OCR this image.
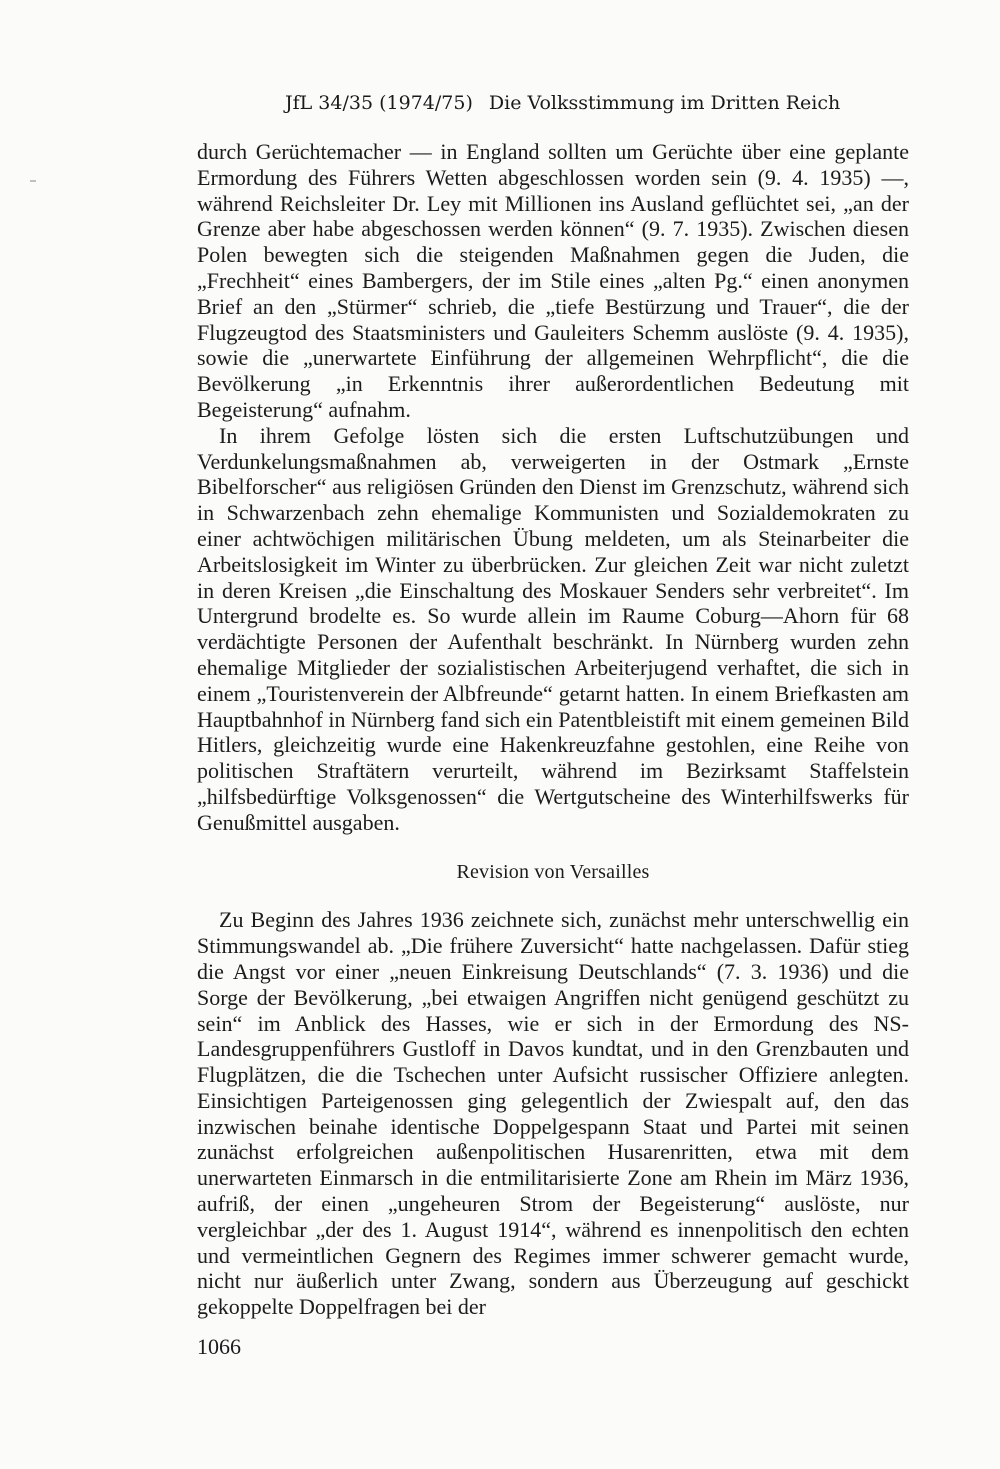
JfL 34/35 (1974/75) Die Volksstimmung im Dritten Reich

durch Gerüchtemacher — in England sollten um Gerüchte über eine geplante Ermordung des Führers Wetten abgeschlossen worden sein (9. 4. 1935) —, während Reichsleiter Dr. Ley mit Millionen ins Ausland geflüchtet sei, „an der Grenze aber habe abgeschossen werden können“ (9. 7. 1935). Zwischen diesen Polen bewegten sich die steigenden Maßnahmen gegen die Juden, die „Frechheit“ eines Bambergers, der im Stile eines „alten Pg.“ einen anonymen Brief an den „Stürmer“ schrieb, die „tiefe Bestürzung und Trauer“, die der Flugzeugtod des Staatsministers und Gauleiters Schemm auslöste (9. 4. 1935), sowie die „unerwartete Einführung der allgemeinen Wehrpflicht“, die die Bevölkerung „in Erkenntnis ihrer außerordentlichen Bedeutung mit Begeisterung“ aufnahm.

In ihrem Gefolge lösten sich die ersten Luftschutzübungen und Verdunkelungsmaßnahmen ab, verweigerten in der Ostmark „Ernste Bibelforscher“ aus religiösen Gründen den Dienst im Grenzschutz, während sich in Schwarzenbach zehn ehemalige Kommunisten und Sozialdemokraten zu einer achtwöchigen militärischen Übung meldeten, um als Steinarbeiter die Arbeitslosigkeit im Winter zu überbrücken. Zur gleichen Zeit war nicht zuletzt in deren Kreisen „die Einschaltung des Moskauer Senders sehr verbreitet“. Im Untergrund brodelte es. So wurde allein im Raume Coburg—Ahorn für 68 verdächtigte Personen der Aufenthalt beschränkt. In Nürnberg wurden zehn ehemalige Mitglieder der sozialistischen Arbeiterjugend verhaftet, die sich in einem „Touristenverein der Albfreunde“ getarnt hatten. In einem Briefkasten am Hauptbahnhof in Nürnberg fand sich ein Patentbleistift mit einem gemeinen Bild Hitlers, gleichzeitig wurde eine Hakenkreuzfahne gestohlen, eine Reihe von politischen Straftätern verurteilt, während im Bezirksamt Staffelstein „hilfsbedürftige Volksgenossen“ die Wertgutscheine des Winterhilfswerks für Genußmittel ausgaben.

Revision von Versailles

Zu Beginn des Jahres 1936 zeichnete sich, zunächst mehr unterschwellig ein Stimmungswandel ab. „Die frühere Zuversicht“ hatte nachgelassen. Dafür stieg die Angst vor einer „neuen Einkreisung Deutschlands“ (7. 3. 1936) und die Sorge der Bevölkerung, „bei etwaigen Angriffen nicht genügend geschützt zu sein“ im Anblick des Hasses, wie er sich in der Ermordung des NS-Landesgruppenführers Gustloff in Davos kundtat, und in den Grenzbauten und Flugplätzen, die die Tschechen unter Aufsicht russischer Offiziere anlegten. Einsichtigen Parteigenossen ging gelegentlich der Zwiespalt auf, den das inzwischen beinahe identische Doppelgespann Staat und Partei mit seinen zunächst erfolgreichen außenpolitischen Husarenritten, etwa mit dem unerwarteten Einmarsch in die entmilitarisierte Zone am Rhein im März 1936, aufriß, der einen „ungeheuren Strom der Begeisterung“ auslöste, nur vergleichbar „der des 1. August 1914“, während es innenpolitisch den echten und vermeintlichen Gegnern des Regimes immer schwerer gemacht wurde, nicht nur äußerlich unter Zwang, sondern aus Überzeugung auf geschickt gekoppelte Doppelfragen bei der

1066
